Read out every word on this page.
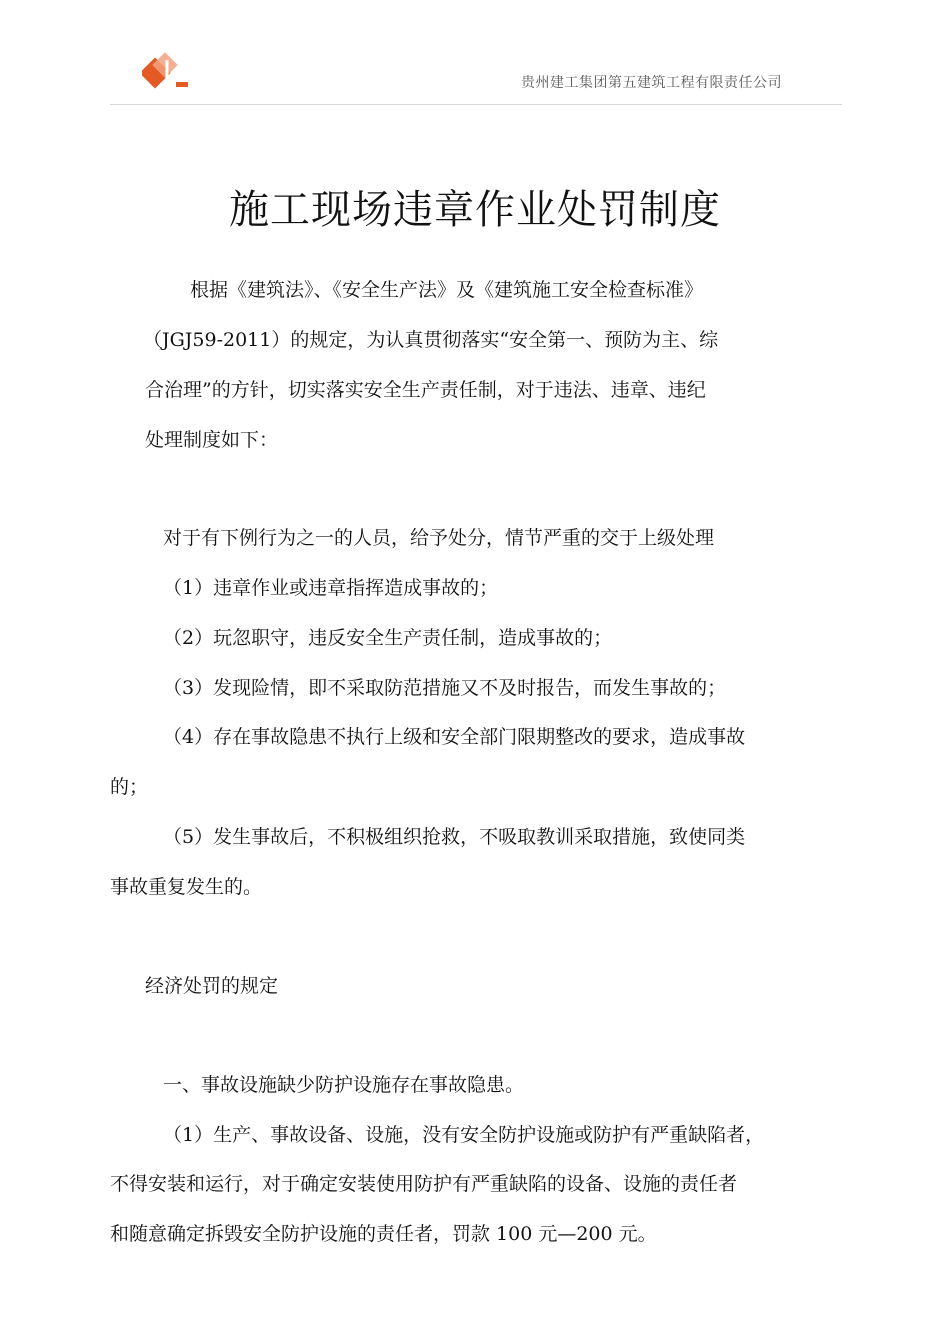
贵州建工集团第五建筑工程有限责任公司
施工现场违章作业处罚制度
根据《建筑法》、《安全生产法》及《建筑施工安全检查标准》
（JGJ59-2011）的规定，为认真贯彻落实“安全第一、预防为主、综
合治理”的方针，切实落实安全生产责任制，对于违法、违章、违纪
处理制度如下：
对于有下例行为之一的人员，给予处分，情节严重的交于上级处理
（1）违章作业或违章指挥造成事故的；
（2）玩忽职守，违反安全生产责任制，造成事故的；
（3）发现险情，即不采取防范措施又不及时报告，而发生事故的；
（4）存在事故隐患不执行上级和安全部门限期整改的要求，造成事故
的；
（5）发生事故后，不积极组织抢救，不吸取教训采取措施，致使同类
事故重复发生的。
经济处罚的规定
一、事故设施缺少防护设施存在事故隐患。
（1）生产、事故设备、设施，没有安全防护设施或防护有严重缺陷者，
不得安装和运行，对于确定安装使用防护有严重缺陷的设备、设施的责任者
和随意确定拆毁安全防护设施的责任者，罚款 100 元—200 元。
